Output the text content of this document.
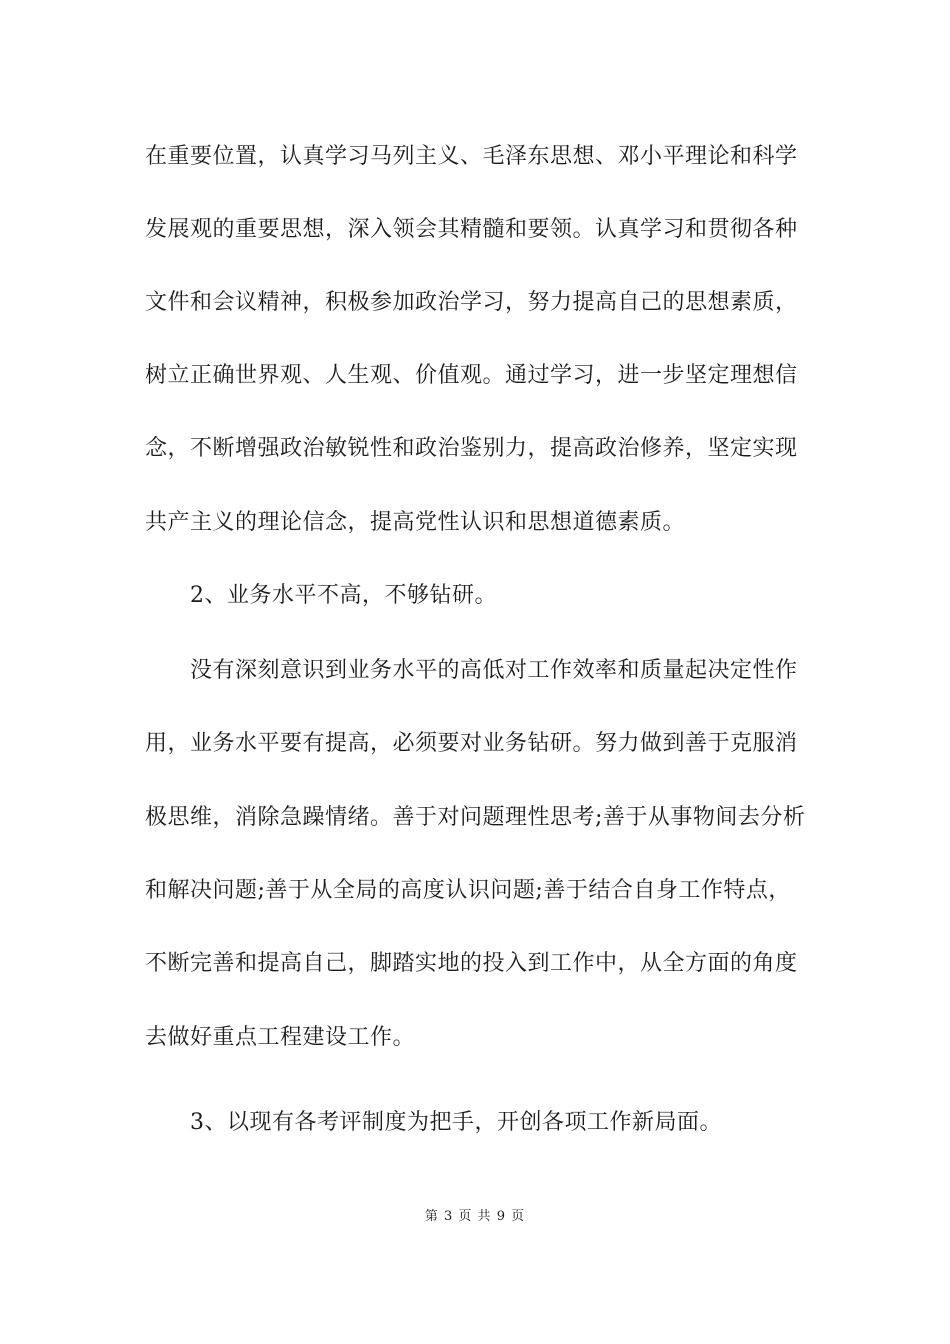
在重要位置，认真学习马列主义、毛泽东思想、邓小平理论和科学
发展观的重要思想，深入领会其精髓和要领。认真学习和贯彻各种
文件和会议精神，积极参加政治学习，努力提高自己的思想素质，
树立正确世界观、人生观、价值观。通过学习，进一步坚定理想信
念，不断增强政治敏锐性和政治鉴别力，提高政治修养，坚定实现
共产主义的理论信念，提高党性认识和思想道德素质。
2、业务水平不高，不够钻研。
没有深刻意识到业务水平的高低对工作效率和质量起决定性作
用，业务水平要有提高，必须要对业务钻研。努力做到善于克服消
极思维，消除急躁情绪。善于对问题理性思考;善于从事物间去分析
和解决问题;善于从全局的高度认识问题;善于结合自身工作特点，
不断完善和提高自己，脚踏实地的投入到工作中，从全方面的角度
去做好重点工程建设工作。
3、以现有各考评制度为把手，开创各项工作新局面。
第 3 页 共 9 页
